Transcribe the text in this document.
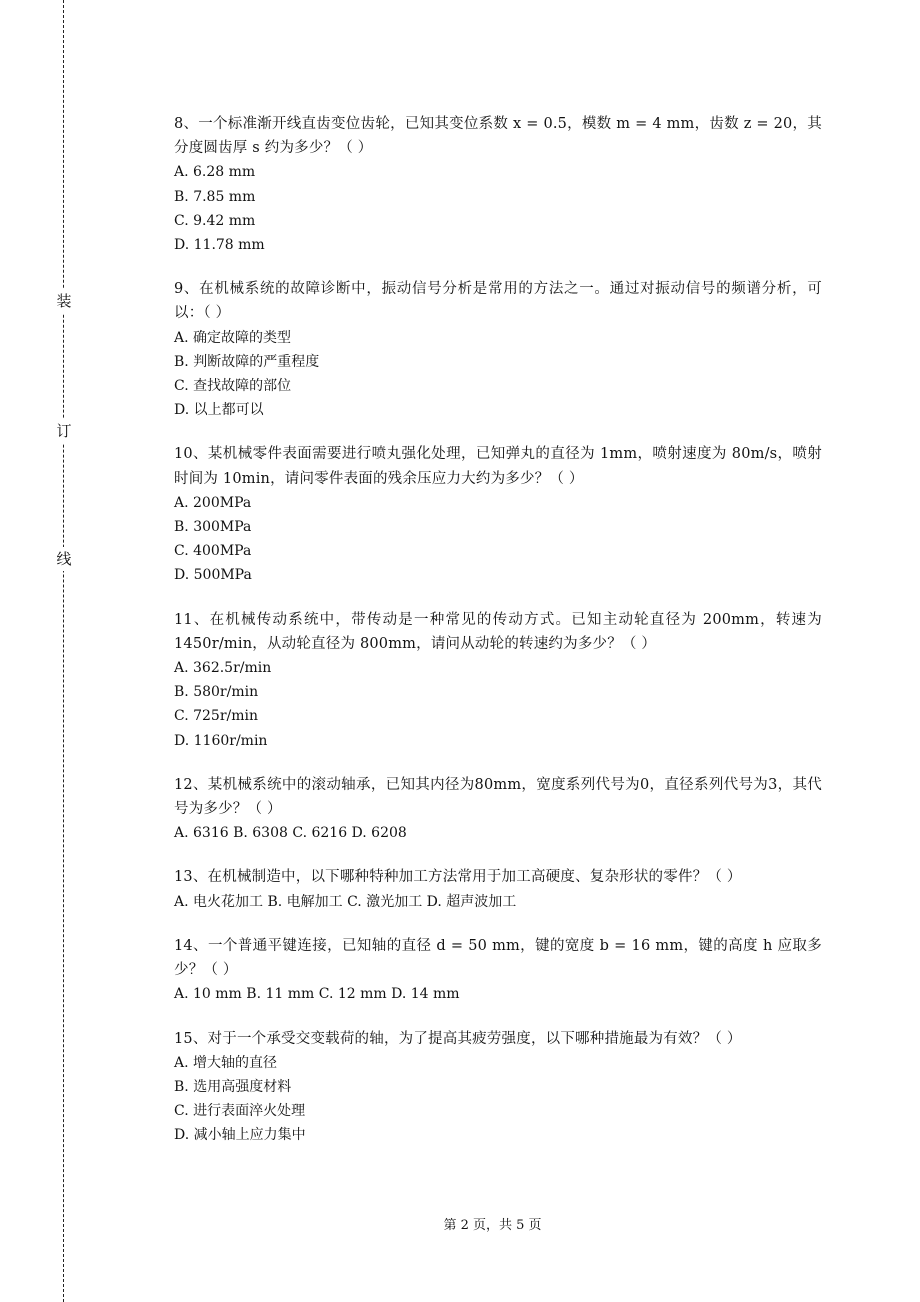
装
订
线

8、一个标准渐开线直齿变位齿轮，已知其变位系数 x = 0.5，模数 m = 4 mm，齿数 z = 20，其分度圆齿厚 s 约为多少？（ ）

A. 6.28 mm

B. 7.85 mm

C. 9.42 mm

D. 11.78 mm

9、在机械系统的故障诊断中，振动信号分析是常用的方法之一。通过对振动信号的频谱分析，可以：（ ）

A. 确定故障的类型

B. 判断故障的严重程度

C. 查找故障的部位

D. 以上都可以

10、某机械零件表面需要进行喷丸强化处理，已知弹丸的直径为 1mm，喷射速度为 80m/s，喷射时间为 10min，请问零件表面的残余压应力大约为多少？（ ）

A. 200MPa

B. 300MPa

C. 400MPa

D. 500MPa

11、在机械传动系统中，带传动是一种常见的传动方式。已知主动轮直径为 200mm，转速为 1450r/min，从动轮直径为 800mm，请问从动轮的转速约为多少？（ ）

A. 362.5r/min

B. 580r/min

C. 725r/min

D. 1160r/min

12、某机械系统中的滚动轴承，已知其内径为80mm，宽度系列代号为0，直径系列代号为3，其代号为多少？（ ）

A. 6316 B. 6308 C. 6216 D. 6208

13、在机械制造中，以下哪种特种加工方法常用于加工高硬度、复杂形状的零件？（ ）

A. 电火花加工 B. 电解加工 C. 激光加工 D. 超声波加工

14、一个普通平键连接，已知轴的直径 d = 50 mm，键的宽度 b = 16 mm，键的高度 h 应取多少？（ ）

A. 10 mm B. 11 mm C. 12 mm D. 14 mm

15、对于一个承受交变载荷的轴，为了提高其疲劳强度，以下哪种措施最为有效？（ ）

A. 增大轴的直径

B. 选用高强度材料

C. 进行表面淬火处理

D. 减小轴上应力集中

第 2 页，共 5 页
